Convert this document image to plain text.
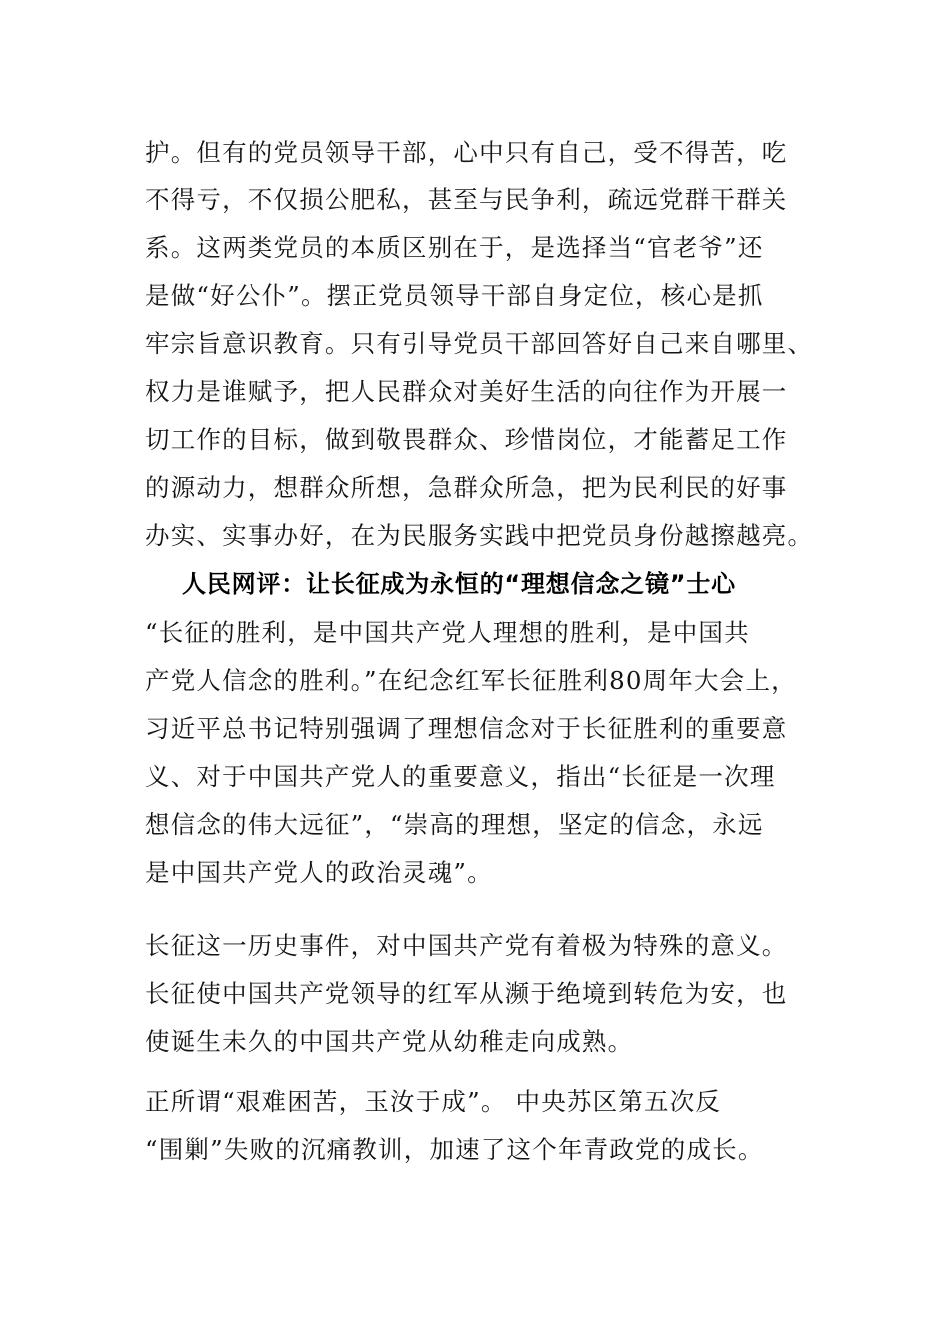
护。但有的党员领导干部，心中只有自己，受不得苦，吃
不得亏，不仅损公肥私，甚至与民争利，疏远党群干群关
系。这两类党员的本质区别在于，是选择当“官老爷”还
是做“好公仆”。摆正党员领导干部自身定位，核心是抓
牢宗旨意识教育。只有引导党员干部回答好自己来自哪里、
权力是谁赋予，把人民群众对美好生活的向往作为开展一
切工作的目标，做到敬畏群众、珍惜岗位，才能蓄足工作
的源动力，想群众所想，急群众所急，把为民利民的好事
办实、实事办好，在为民服务实践中把党员身份越擦越亮。
人民网评：让长征成为永恒的“理想信念之镜”士心
“长征的胜利，是中国共产党人理想的胜利，是中国共
产党人信念的胜利。”在纪念红军长征胜利80周年大会上，
习近平总书记特别强调了理想信念对于长征胜利的重要意
义、对于中国共产党人的重要意义，指出“长征是一次理
想信念的伟大远征”，“崇高的理想，坚定的信念，永远
是中国共产党人的政治灵魂”。
长征这一历史事件，对中国共产党有着极为特殊的意义。
长征使中国共产党领导的红军从濒于绝境到转危为安，也
使诞生未久的中国共产党从幼稚走向成熟。
正所谓“艰难困苦，玉汝于成”。 中央苏区第五次反
“围剿”失败的沉痛教训，加速了这个年青政党的成长。
